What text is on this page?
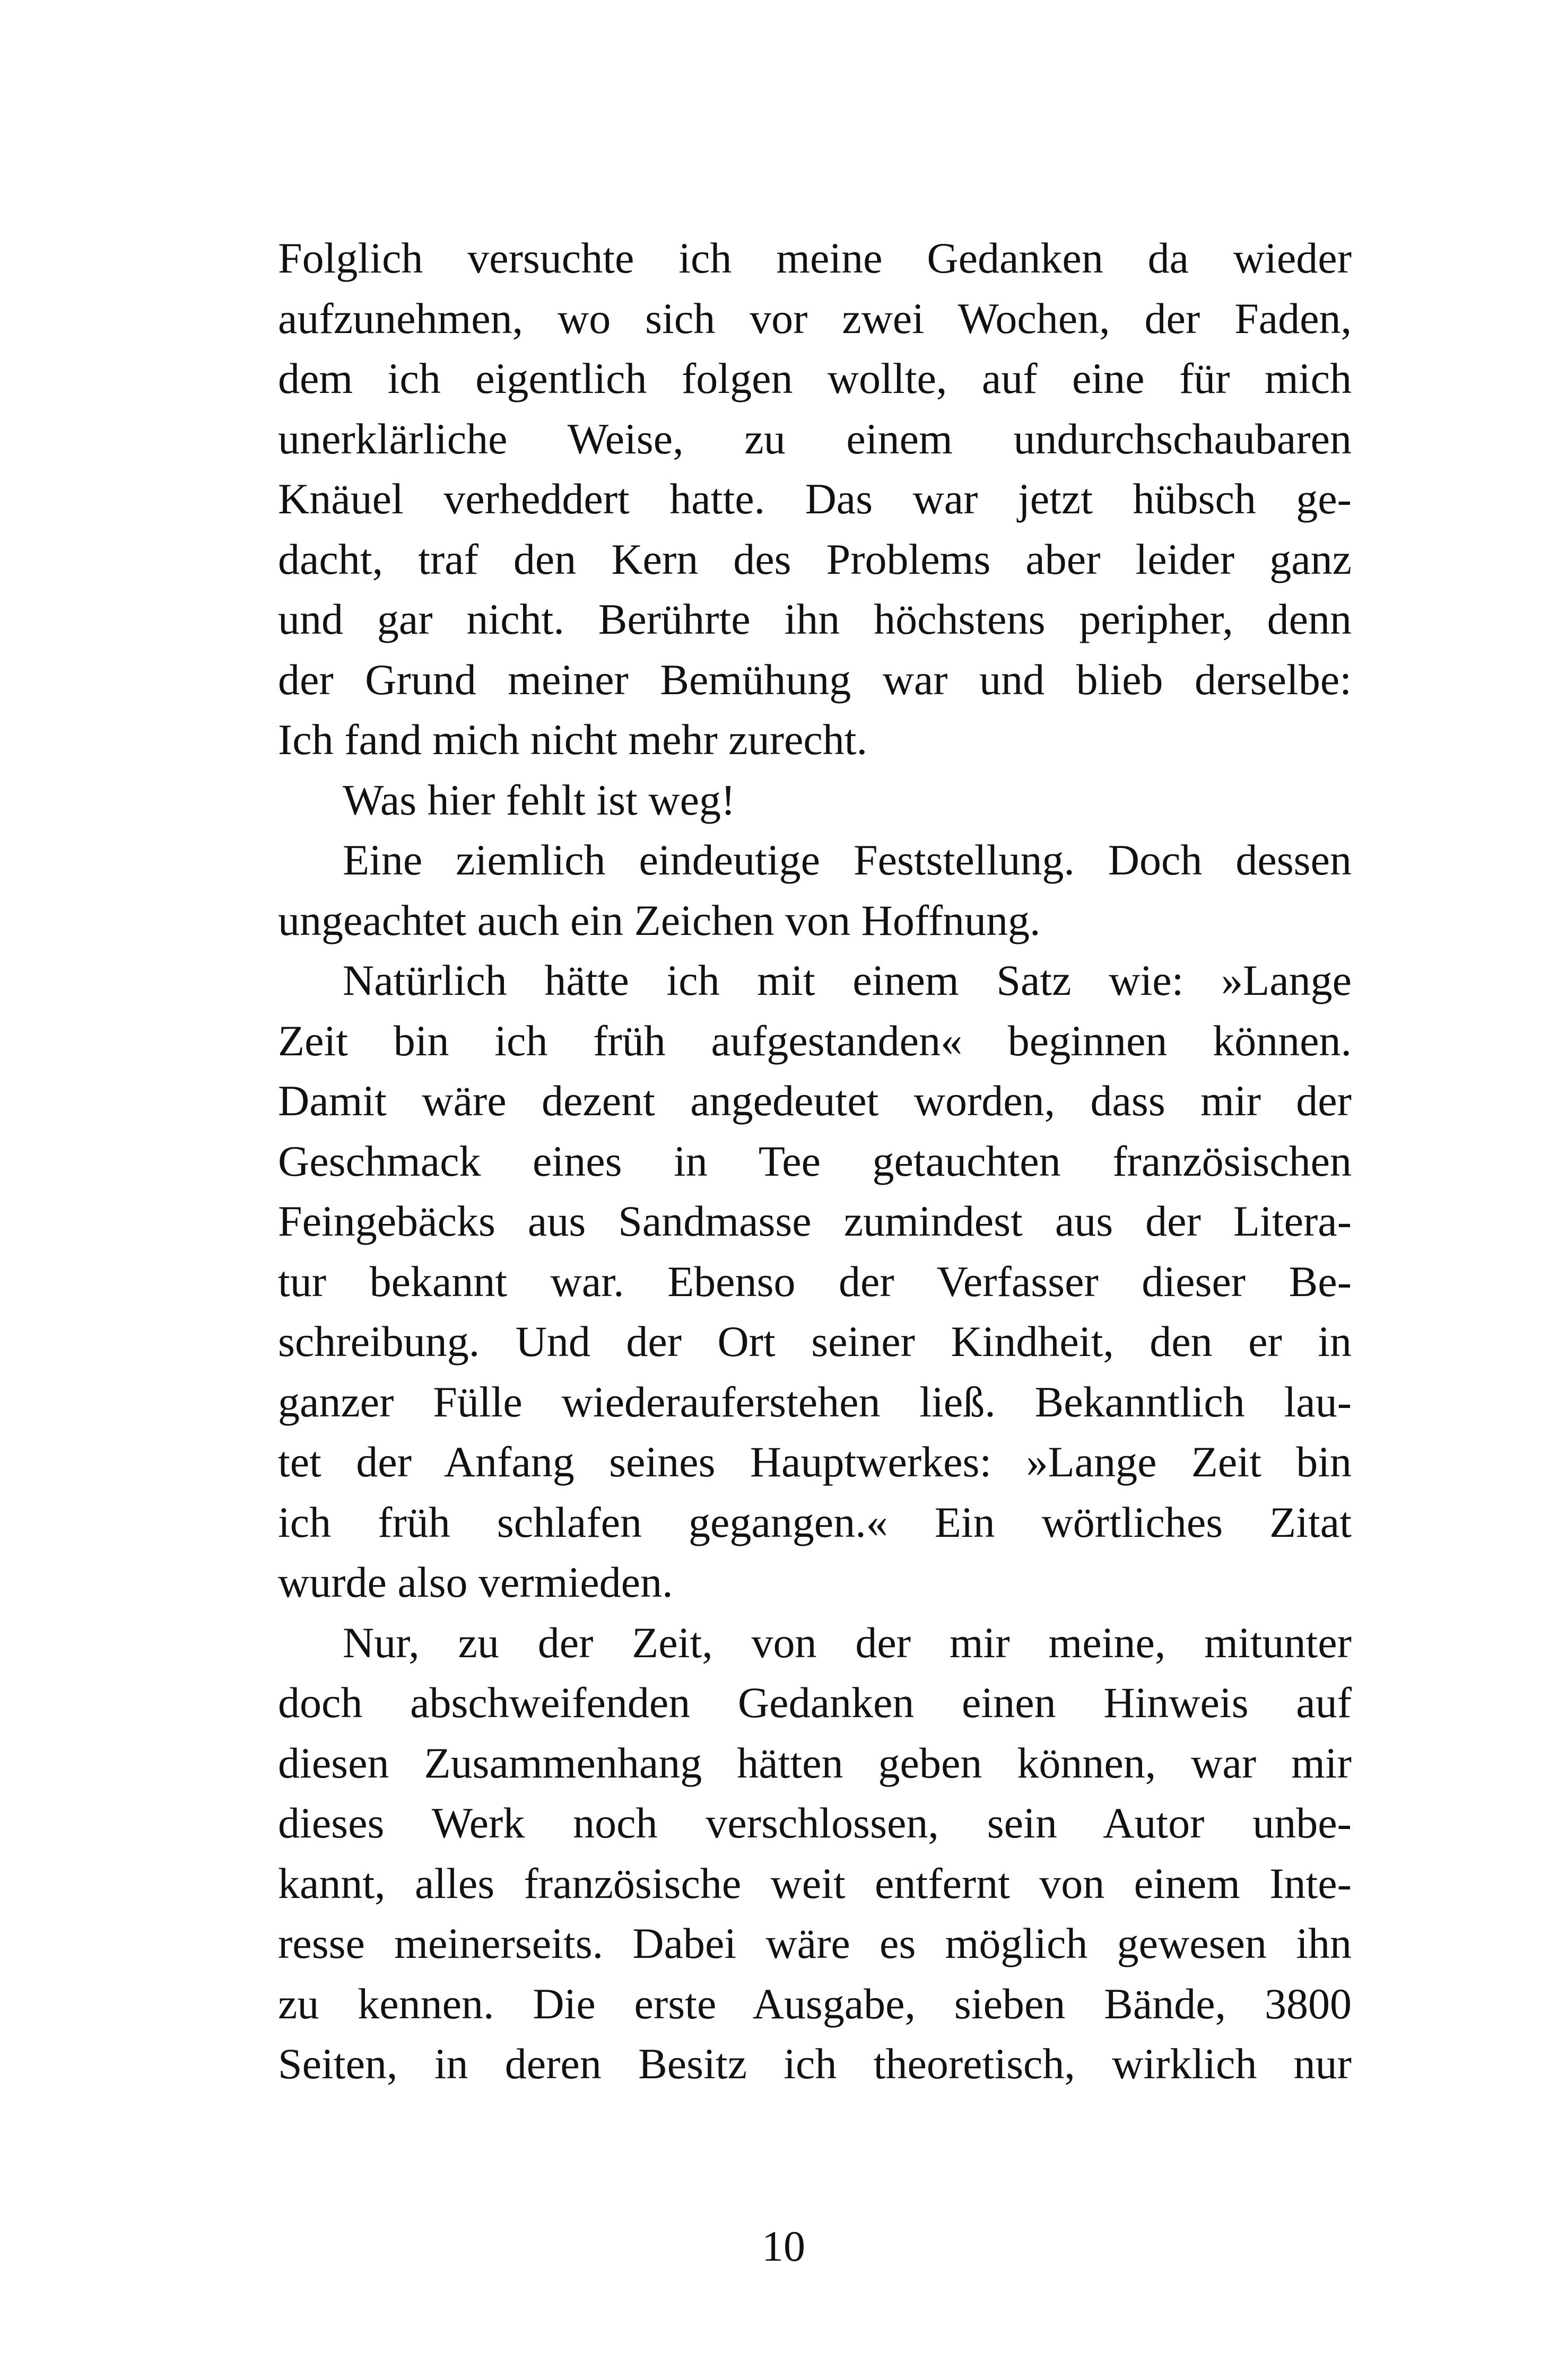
Folglich versuchte ich meine Gedanken da wieder
aufzunehmen, wo sich vor zwei Wochen, der Faden,
dem ich eigentlich folgen wollte, auf eine für mich
unerklärliche Weise, zu einem undurchschaubaren
Knäuel verheddert hatte. Das war jetzt hübsch ge-
dacht, traf den Kern des Problems aber leider ganz
und gar nicht. Berührte ihn höchstens peripher, denn
der Grund meiner Bemühung war und blieb derselbe:
Ich fand mich nicht mehr zurecht.
Was hier fehlt ist weg!
Eine ziemlich eindeutige Feststellung. Doch dessen
ungeachtet auch ein Zeichen von Hoffnung.
Natürlich hätte ich mit einem Satz wie: »Lange
Zeit bin ich früh aufgestanden« beginnen können.
Damit wäre dezent angedeutet worden, dass mir der
Geschmack eines in Tee getauchten französischen
Feingebäcks aus Sandmasse zumindest aus der Litera-
tur bekannt war. Ebenso der Verfasser dieser Be-
schreibung. Und der Ort seiner Kindheit, den er in
ganzer Fülle wiederauferstehen ließ. Bekanntlich lau-
tet der Anfang seines Hauptwerkes: »Lange Zeit bin
ich früh schlafen gegangen.« Ein wörtliches Zitat
wurde also vermieden.
Nur, zu der Zeit, von der mir meine, mitunter
doch abschweifenden Gedanken einen Hinweis auf
diesen Zusammenhang hätten geben können, war mir
dieses Werk noch verschlossen, sein Autor unbe-
kannt, alles französische weit entfernt von einem Inte-
resse meinerseits. Dabei wäre es möglich gewesen ihn
zu kennen. Die erste Ausgabe, sieben Bände, 3800
Seiten, in deren Besitz ich theoretisch, wirklich nur
10
